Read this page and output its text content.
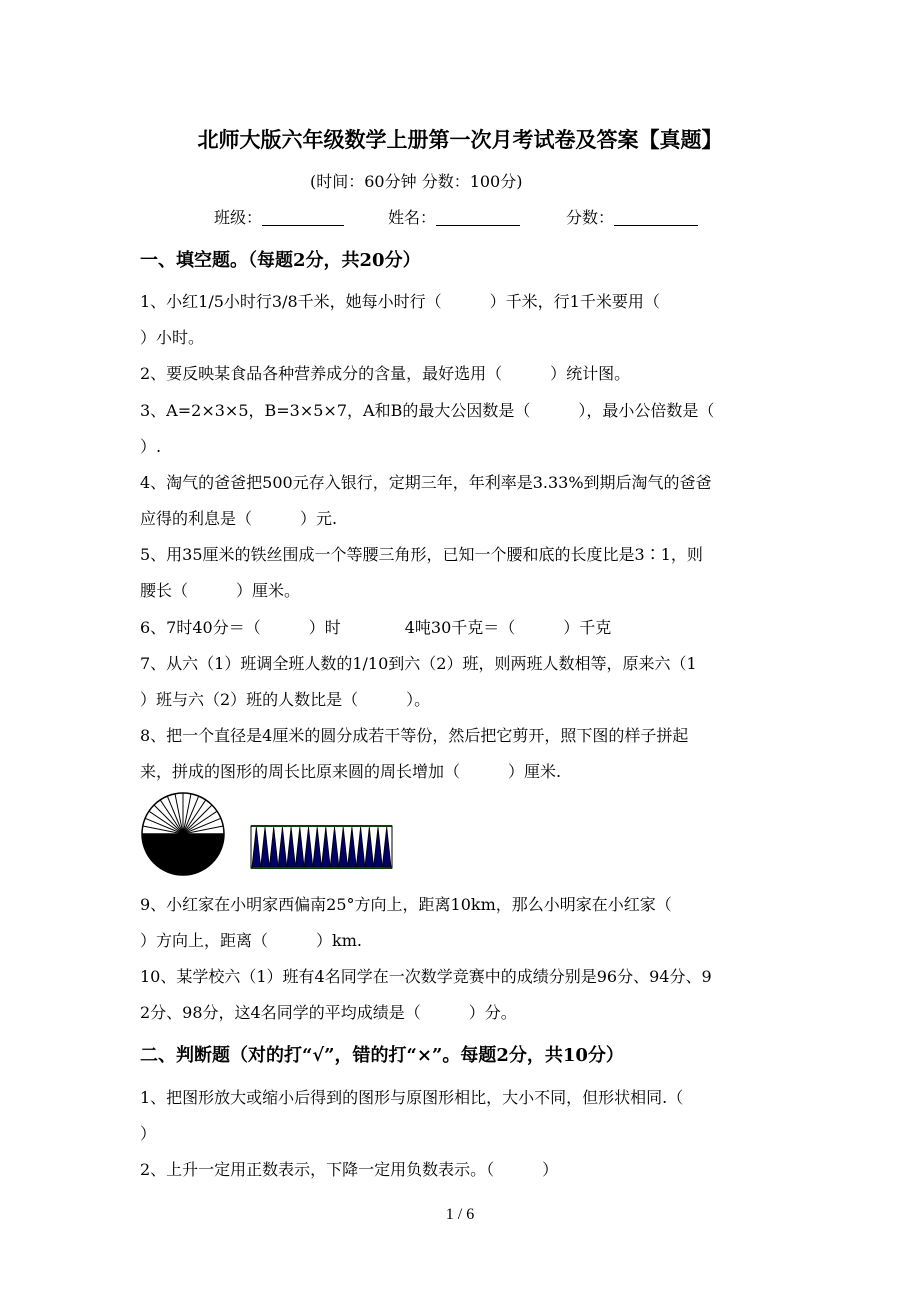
北师大版六年级数学上册第一次月考试卷及答案【真题】
(时间：60分钟 分数：100分)
班级：	姓名：	分数：
一、填空题。（每题2分，共20分）
1、小红1/5小时行3/8千米，她每小时行（　　　）千米，行1千米要用（
）小时。
2、要反映某食品各种营养成分的含量，最好选用（　　　）统计图。
3、A=2×3×5，B=3×5×7，A和B的最大公因数是（　　　），最小公倍数是（
）.
4、淘气的爸爸把500元存入银行，定期三年，年利率是3.33%到期后淘气的爸爸
应得的利息是（　　　）元.
5、用35厘米的铁丝围成一个等腰三角形，已知一个腰和底的长度比是3∶1，则
腰长（　　　）厘米。
6、7时40分＝（　　　）时　　　　4吨30千克＝（　　　）千克
7、从六（1）班调全班人数的1/10到六（2）班，则两班人数相等，原来六（1
）班与六（2）班的人数比是（　　　）。
8、把一个直径是4厘米的圆分成若干等份，然后把它剪开，照下图的样子拼起
来，拼成的图形的周长比原来圆的周长增加（　　　）厘米.
9、小红家在小明家西偏南25°方向上，距离10km，那么小明家在小红家（
）方向上，距离（　　　）km.
10、某学校六（1）班有4名同学在一次数学竞赛中的成绩分别是96分、94分、9
2分、98分，这4名同学的平均成绩是（　　　）分。
二、判断题（对的打“√”，错的打“×”。每题2分，共10分）
1、把图形放大或缩小后得到的图形与原图形相比，大小不同，但形状相同.（
）
2、上升一定用正数表示，下降一定用负数表示。（　　　）
1 / 6
